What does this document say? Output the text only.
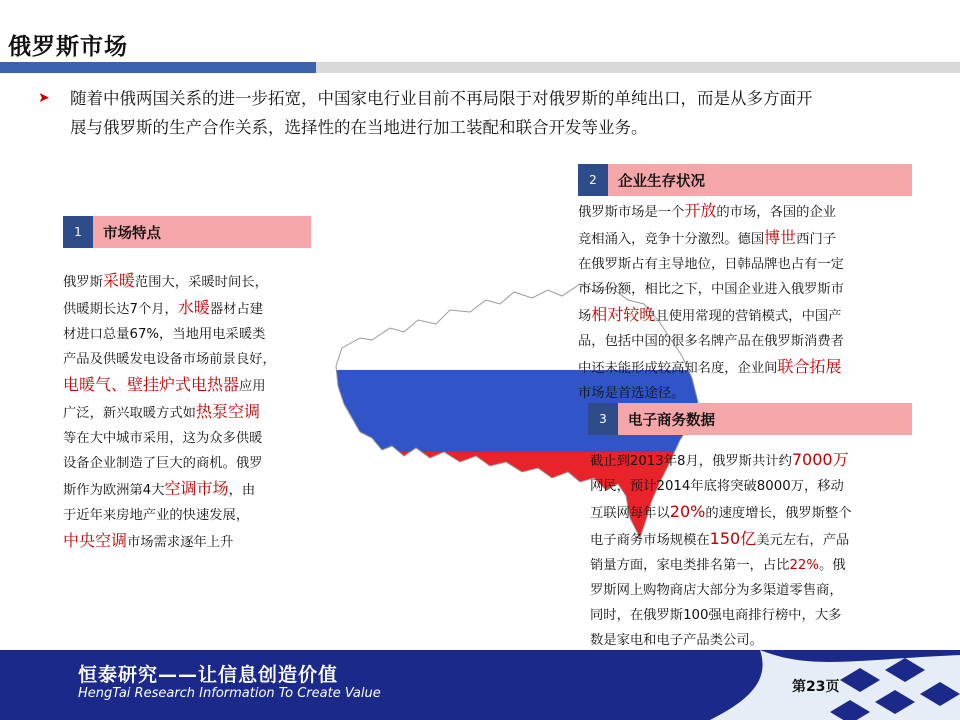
俄罗斯市场
➤ 随着中俄两国关系的进一步拓宽，中国家电行业目前不再局限于对俄罗斯的单纯出口，而是从多方面开
展与俄罗斯的生产合作关系，选择性的在当地进行加工装配和联合开发等业务。

1	市场特点
俄罗斯采暖范围大，采暖时间长，
供暖期长达7个月，水暖器材占建
材进口总量67%，当地用电采暖类
产品及供暖发电设备市场前景良好，
电暖气、壁挂炉式电热器应用
广泛，新兴取暖方式如热泵空调
等在大中城市采用，这为众多供暖
设备企业制造了巨大的商机。俄罗
斯作为欧洲第4大空调市场，由
于近年来房地产业的快速发展，
中央空调市场需求逐年上升
2	企业生存状况
俄罗斯市场是一个开放的市场，各国的企业
竞相涌入，竞争十分激烈。德国博世西门子
在俄罗斯占有主导地位，日韩品牌也占有一定
市场份额，相比之下，中国企业进入俄罗斯市
场相对较晚且使用常现的营销模式，中国产
品，包括中国的很多名牌产品在俄罗斯消费者
中还未能形成较高知名度，企业间联合拓展
市场是首选途径。
3	电子商务数据
截止到2013年8月，俄罗斯共计约7000万
网民，预计2014年底将突破8000万，移动
互联网每年以20%的速度增长，俄罗斯整个
电子商务市场规模在150亿美元左右，产品
销量方面，家电类排名第一，占比22%。俄
罗斯网上购物商店大部分为多渠道零售商，
同时，在俄罗斯100强电商排行榜中，大多
数是家电和电子产品类公司。
恒泰研究——让信息创造价值
HengTai Research Information To Create Value	第23页
